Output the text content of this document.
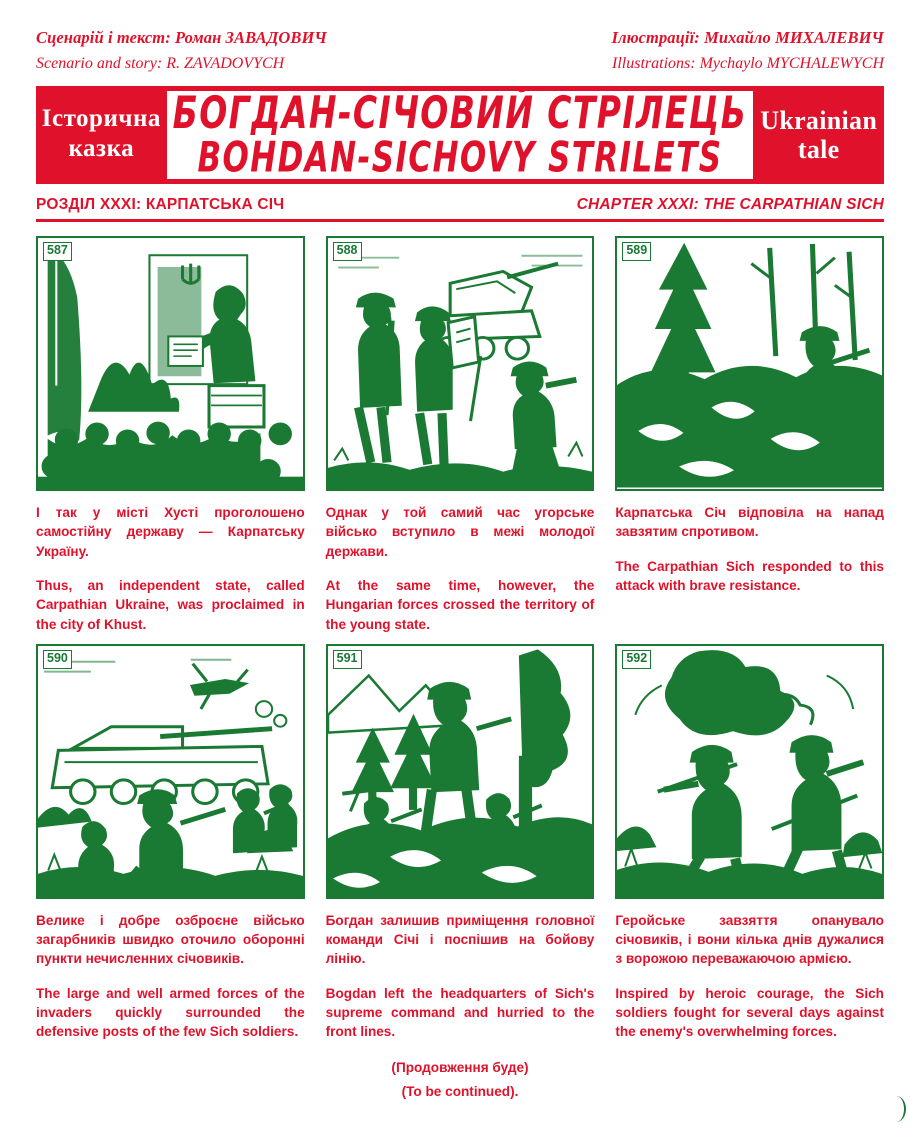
Сценарій і текст: Роман ЗАВАДОВИЧ
Scenario and story: R. ZAVADOVYCH
Ілюстрації: Михайло МИХАЛЕВИЧ
Illustrations: Mychaylo MYCHALEWYCH
Історична
казка
БОГДАН-СІЧОВИЙ СТРІЛЕЦЬ
BOHDAN-SICHOVY STRILETS
Ukrainian
tale
РОЗДІЛ XXXI: КАРПАТСЬКА СІЧ	CHAPTER XXXI: THE CARPATHIAN SICH
587
І так у місті Хусті проголошено самостійну державу — Карпатську Україну.
Thus, an independent state, called Carpathian Ukraine, was proclaimed in the city of Khust.
588
Однак у той самий час угорське військо вступило в межі молодої держави.
At the same time, however, the Hungarian forces crossed the territory of the young state.
589
Карпатська Січ відповіла на напад завзятим спротивом.
The Carpathian Sich responded to this attack with brave resistance.
590
Велике і добре озброєне військо загарбників швидко оточило оборонні пункти нечисленних січовиків.
The large and well armed forces of the invaders quickly surrounded the defensive posts of the few Sich soldiers.
591
Богдан залишив приміщення головної команди Січі і поспішив на бойову лінію.
Bogdan left the headquarters of Sich's supreme command and hurried to the front lines.
592
Геройське завзяття опанувало січовиків, і вони кілька днів дужалися з ворожою переважаючою армією.
Inspired by heroic courage, the Sich soldiers fought for several days against the enemy's overwhelming forces.
(Продовження буде)
(To be continued).
